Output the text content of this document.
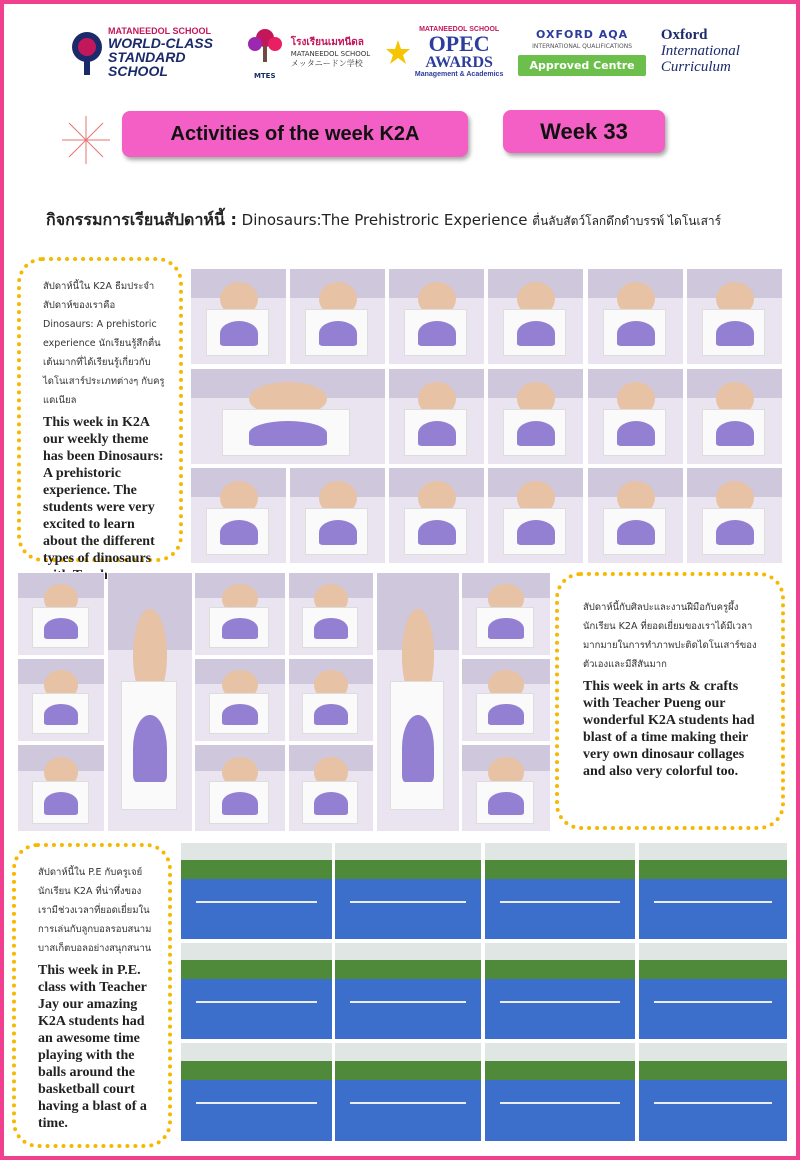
MATANEEDOL SCHOOL
WORLD-CLASS STANDARD SCHOOL	MTES
โรงเรียนเมทนีดล
MATANEEDOL SCHOOL
メッタニードン学校
MATANEEDOL SCHOOL
OPEC
AWARDS
Management & Academics
OXFORD AQA
INTERNATIONAL QUALIFICATIONS
Approved Centre
Oxford
International
Curriculum
Activities of the week K2A	Week 33
กิจกรรมการเรียนสัปดาห์นี้ : Dinosaurs:The Prehistroric Experience ตื่นลับสัตว์โลกดึกดำบรรพ์ ไดโนเสาร์
สัปดาห์นี้ใน K2A ธีมประจำสัปดาห์ของเราคือ Dinosaurs: A prehistoric experience นักเรียนรู้สึกตื่นเต้นมากที่ได้เรียนรู้เกี่ยวกับไดโนเสาร์ประเภทต่างๆ กับครูแดเนียล
This week in K2A our weekly theme has been Dinosaurs: A prehistoric experience. The students were very excited to learn about the different types of dinosaurs
สัปดาห์นี้กับศิลปะและงานฝีมือกับครูผึ้ง นักเรียน K2A ที่ยอดเยี่ยมของเราได้มีเวลามากมายในการทำภาพปะติดไดโนเสาร์ของตัวเองและมีสีสันมาก
This week in arts & crafts with Teacher Pueng our wonderful K2A students had blast of a time making their very own dinosaur collages and also very colorful too.
สัปดาห์นี้ใน P.E กับครูเจย์ นักเรียน K2A ที่น่าทึ่งของเรามีช่วงเวลาที่ยอดเยี่ยมในการเล่นกับลูกบอลรอบสนามบาสเก็ตบอลอย่างสนุกสนาน
This week in P.E. class with Teacher Jay our amazing K2A students had an awesome time playing with the balls around the basketball court having a blast of a time.
